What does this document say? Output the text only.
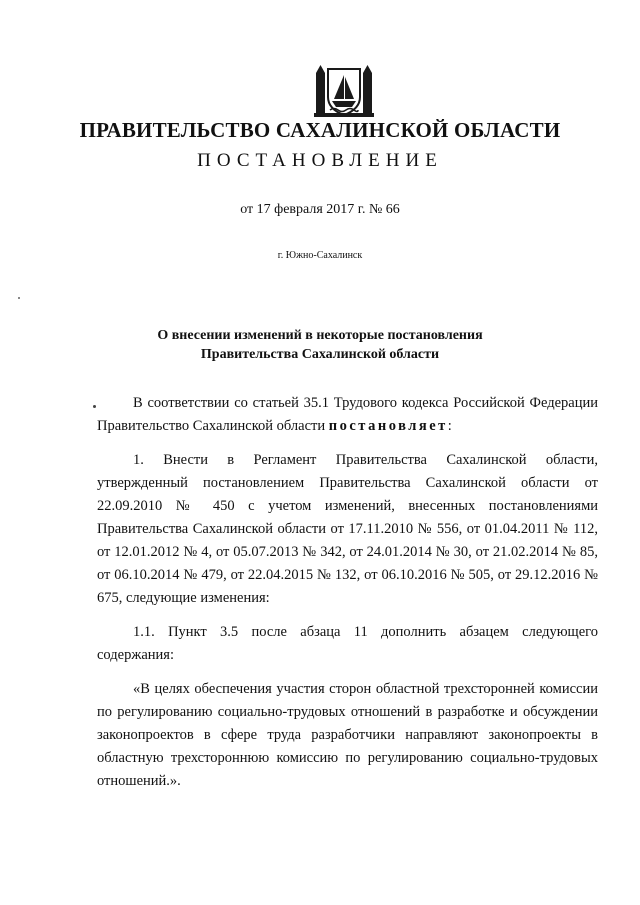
ПРАВИТЕЛЬСТВО САХАЛИНСКОЙ ОБЛАСТИ
ПОСТАНОВЛЕНИЕ
от 17 февраля 2017 г. № 66
г. Южно-Сахалинск
О внесении изменений в некоторые постановления
Правительства Сахалинской области

В соответствии со статьей 35.1 Трудового кодекса Российской Федерации Правительство Сахалинской области постановляет:

1. Внести в Регламент Правительства Сахалинской области, утвержденный постановлением Правительства Сахалинской области от 22.09.2010 № 450 с учетом изменений, внесенных постановлениями Правительства Сахалинской области от 17.11.2010 № 556, от 01.04.2011 № 112, от 12.01.2012 № 4, от 05.07.2013 № 342, от 24.01.2014 № 30, от 21.02.2014 № 85, от 06.10.2014 № 479, от 22.04.2015 № 132, от 06.10.2016 № 505, от 29.12.2016 № 675, следующие изменения:

1.1. Пункт 3.5 после абзаца 11 дополнить абзацем следующего содержания:

«В целях обеспечения участия сторон областной трехсторонней комиссии по регулированию социально-трудовых отношений в разработке и обсуждении законопроектов в сфере труда разработчики направляют законопроекты в областную трехстороннюю комиссию по регулированию социально-трудовых отношений.».
